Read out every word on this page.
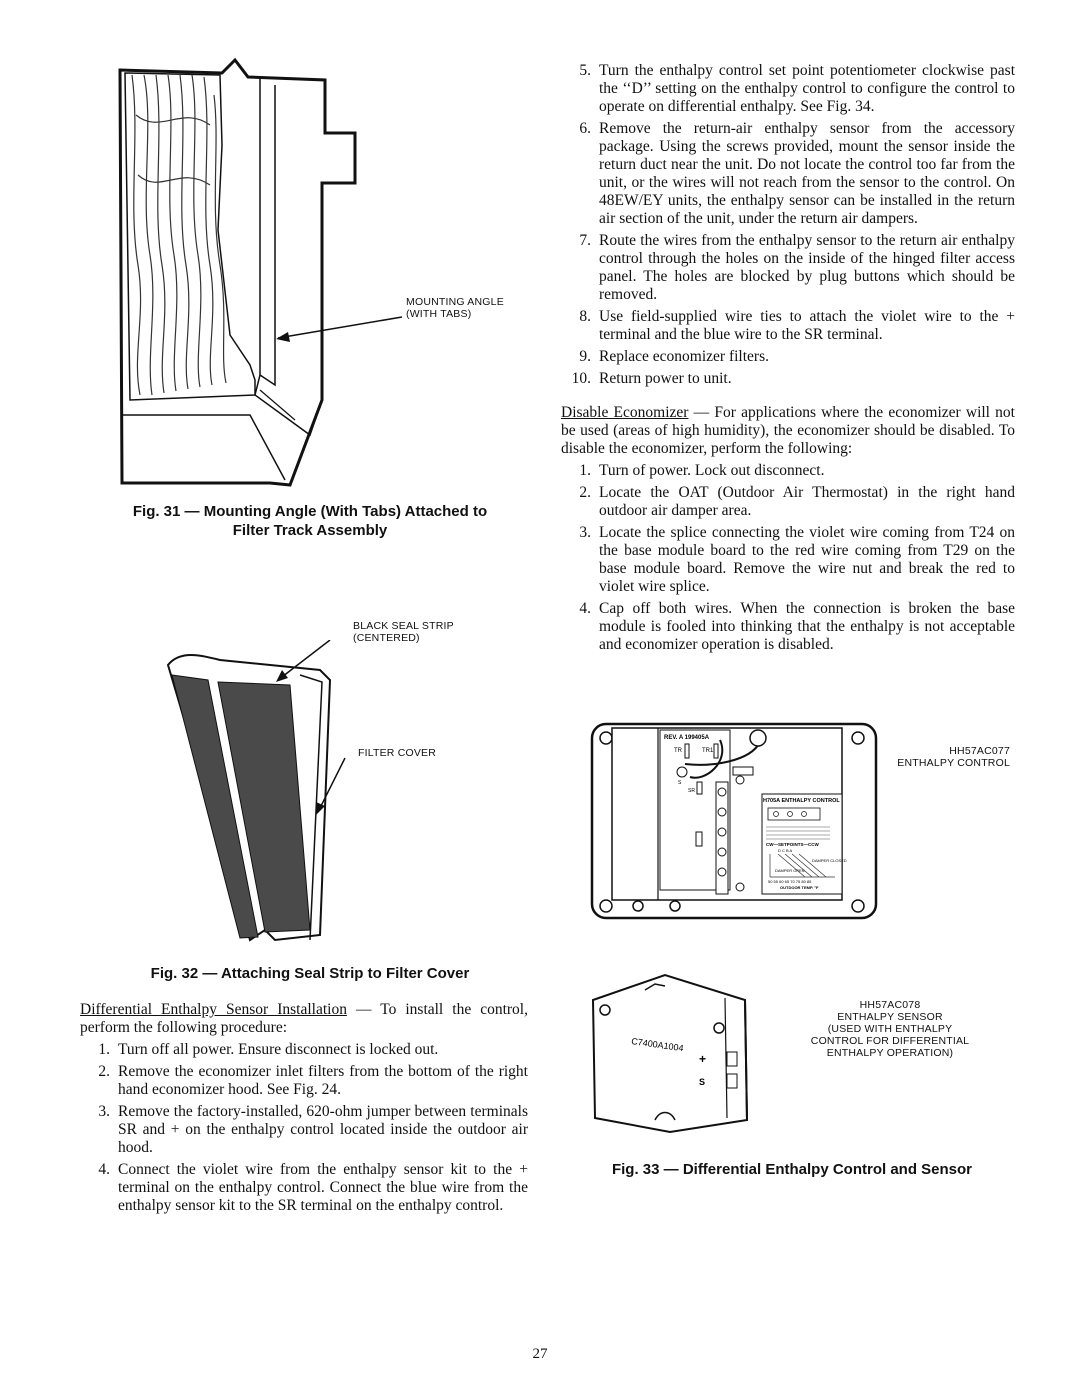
MOUNTING ANGLE
(WITH TABS)
Fig. 31 — Mounting Angle (With Tabs) Attached to
Filter Track Assembly
BLACK SEAL STRIP
(CENTERED)
FILTER COVER
Fig. 32 — Attaching Seal Strip to Filter Cover

Differential Enthalpy Sensor Installation — To install the control, perform the following procedure:

1. Turn off all power. Ensure disconnect is locked out.
2. Remove the economizer inlet filters from the bottom of the right hand economizer hood. See Fig. 24.
3. Remove the factory-installed, 620-ohm jumper between terminals SR and + on the enthalpy control located inside the outdoor air hood.
4. Connect the violet wire from the enthalpy sensor kit to the + terminal on the enthalpy control. Connect the blue wire from the enthalpy sensor kit to the SR terminal on the enthalpy control.
5. Turn the enthalpy control set point potentiometer clockwise past the ‘‘D’’ setting on the enthalpy control to configure the control to operate on differential enthalpy. See Fig. 34.
6. Remove the return-air enthalpy sensor from the accessory package. Using the screws provided, mount the sensor inside the return duct near the unit. Do not locate the control too far from the unit, or the wires will not reach from the sensor to the control. On 48EW/EY units, the enthalpy sensor can be installed in the return air section of the unit, under the return air dampers.
7. Route the wires from the enthalpy sensor to the return air enthalpy control through the holes on the inside of the hinged filter access panel. The holes are blocked by plug buttons which should be removed.
8. Use field-supplied wire ties to attach the violet wire to the + terminal and the blue wire to the SR terminal.
9. Replace economizer filters.
10. Return power to unit.

Disable Economizer — For applications where the economizer will not be used (areas of high humidity), the economizer should be disabled. To disable the economizer, perform the following:

1. Turn of power. Lock out disconnect.
2. Locate the OAT (Outdoor Air Thermostat) in the right hand outdoor air damper area.
3. Locate the splice connecting the violet wire coming from T24 on the base module board to the red wire coming from T29 on the base module board. Remove the wire nut and break the red to violet wire splice.
4. Cap off both wires. When the connection is broken the base module is fooled into thinking that the enthalpy is not acceptable and economizer operation is disabled.
REV. A 199405A
TR	TR1
S
SR
H705A ENTHALPY CONTROL
CW—SETPOINTS—CCW
D C B A
DAMPER CLOSED
DAMPER OPEN
50 55 60 65 70 75 80 85
OUTDOOR TEMP. °F
HH57AC077
ENTHALPY CONTROL
C7400A1004
+
S
HH57AC078
ENTHALPY SENSOR
(USED WITH ENTHALPY
CONTROL FOR DIFFERENTIAL
ENTHALPY OPERATION)
Fig. 33 — Differential Enthalpy Control and Sensor
27
